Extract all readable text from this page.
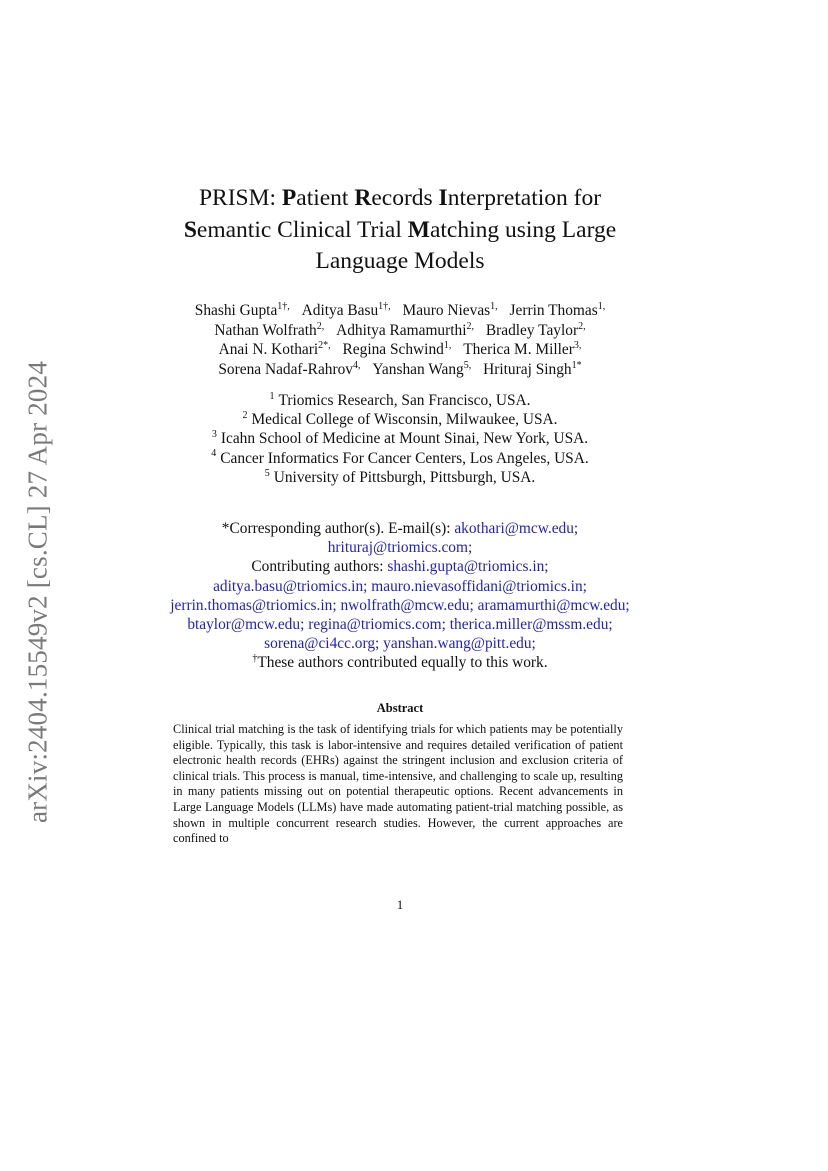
arXiv:2404.15549v2 [cs.CL] 27 Apr 2024
PRISM: Patient Records Interpretation for
Semantic Clinical Trial Matching using Large
Language Models
Shashi Gupta$^{1\dagger,}$ Aditya Basu$^{1\dagger,}$ Mauro Nievas$^{1,}$ Jerrin Thomas$^{1,}$
Nathan Wolfrath$^{2,}$ Adhitya Ramamurthi$^{2,}$ Bradley Taylor$^{2,}$
Anai N. Kothari$^{2*,}$ Regina Schwind$^{1,}$ Therica M. Miller$^{3,}$
Sorena Nadaf-Rahrov$^{4,}$ Yanshan Wang$^{5,}$ Hrituraj Singh$^{1*}$
$^1$ Triomics Research, San Francisco, USA.
$^2$ Medical College of Wisconsin, Milwaukee, USA.
$^3$ Icahn School of Medicine at Mount Sinai, New York, USA.
$^4$ Cancer Informatics For Cancer Centers, Los Angeles, USA.
$^5$ University of Pittsburgh, Pittsburgh, USA.
*Corresponding author(s). E-mail(s): akothari@mcw.edu;
hrituraj@triomics.com;
Contributing authors: shashi.gupta@triomics.in;
aditya.basu@triomics.in; mauro.nievasoffidani@triomics.in;
jerrin.thomas@triomics.in; nwolfrath@mcw.edu; aramamurthi@mcw.edu;
btaylor@mcw.edu; regina@triomics.com; therica.miller@mssm.edu;
sorena@ci4cc.org; yanshan.wang@pitt.edu;
†These authors contributed equally to this work.
Abstract
Clinical trial matching is the task of identifying trials for which patients may be potentially eligible. Typically, this task is labor-intensive and requires detailed verification of patient electronic health records (EHRs) against the stringent inclusion and exclusion criteria of clinical trials. This process is manual, time-intensive, and challenging to scale up, resulting in many patients missing out on potential therapeutic options. Recent advancements in Large Language Models (LLMs) have made automating patient-trial matching possible, as shown in multiple concurrent research studies. However, the current approaches are confined to
1
